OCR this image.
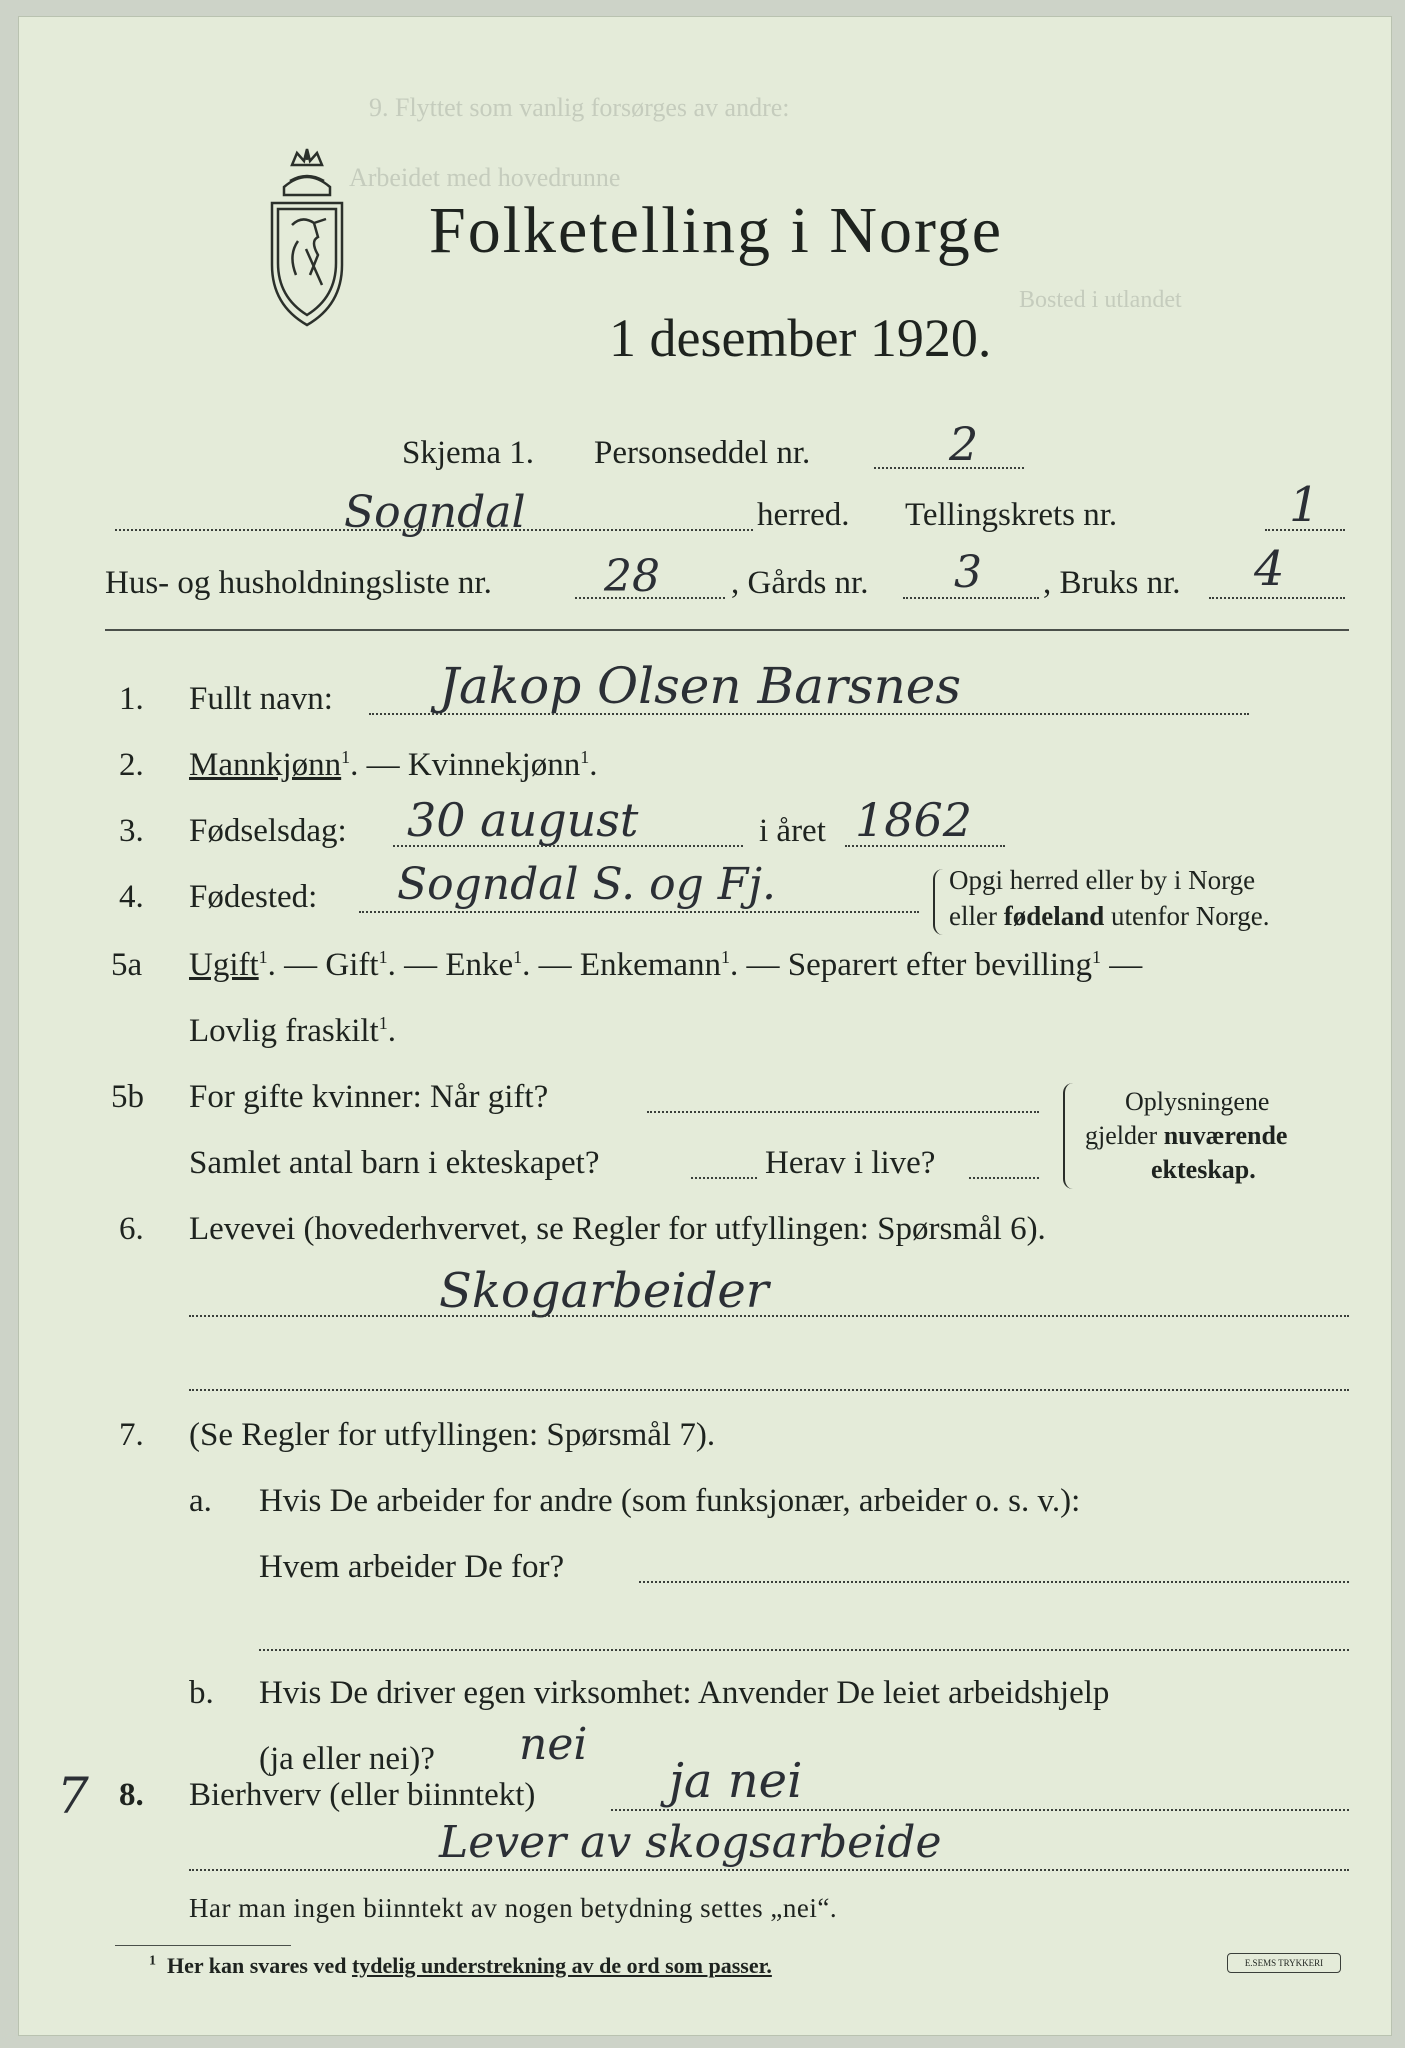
9. Flyttet som vanlig forsørges av andre:
Arbeidet med hovedrunne
Bosted i utlandet
Folketelling i Norge
1 desember 1920.
Skjema 1. Personseddel nr.	2
Sogndal	herred. Tellingskrets nr.	1
Hus- og husholdningsliste nr.	28 , Gårds nr. 3 , Bruks nr. 4
1. Fullt navn: Jakop Olsen Barsnes
2. Mannkjønn$^1$. — Kvinnekjønn$^1$.
3. Fødselsdag: 30 august	i året 1862
4. Fødested: Sogndal S. og Fj.	Opgi herred eller by i Norge
eller fødeland utenfor Norge.
5a Ugift$^1$. — Gift$^1$. — Enke$^1$. — Enkemann$^1$. — Separert efter bevilling$^1$ —
Lovlig fraskilt$^1$.
5b For gifte kvinner: Når gift?
Samlet antal barn i ekteskapet?	Herav i live?
Oplysningene
gjelder nuværende
ekteskap.
6. Levevei (hovederhvervet, se Regler for utfyllingen: Spørsmål 6).
Skogarbeider
7. (Se Regler for utfyllingen: Spørsmål 7).
a. Hvis De arbeider for andre (som funksjonær, arbeider o. s. v.):
Hvem arbeider De for?
b. Hvis De driver egen virksomhet: Anvender De leiet arbeidshjelp
(ja eller nei)? nei
7 8. Bierhverv (eller biinntekt)	ja nei
Lever av skogsarbeide
Har man ingen biinntekt av nogen betydning settes „nei“.
$^1$ Her kan svares ved tydelig understrekning av de ord som passer.	E.SEMS TRYKKERI
